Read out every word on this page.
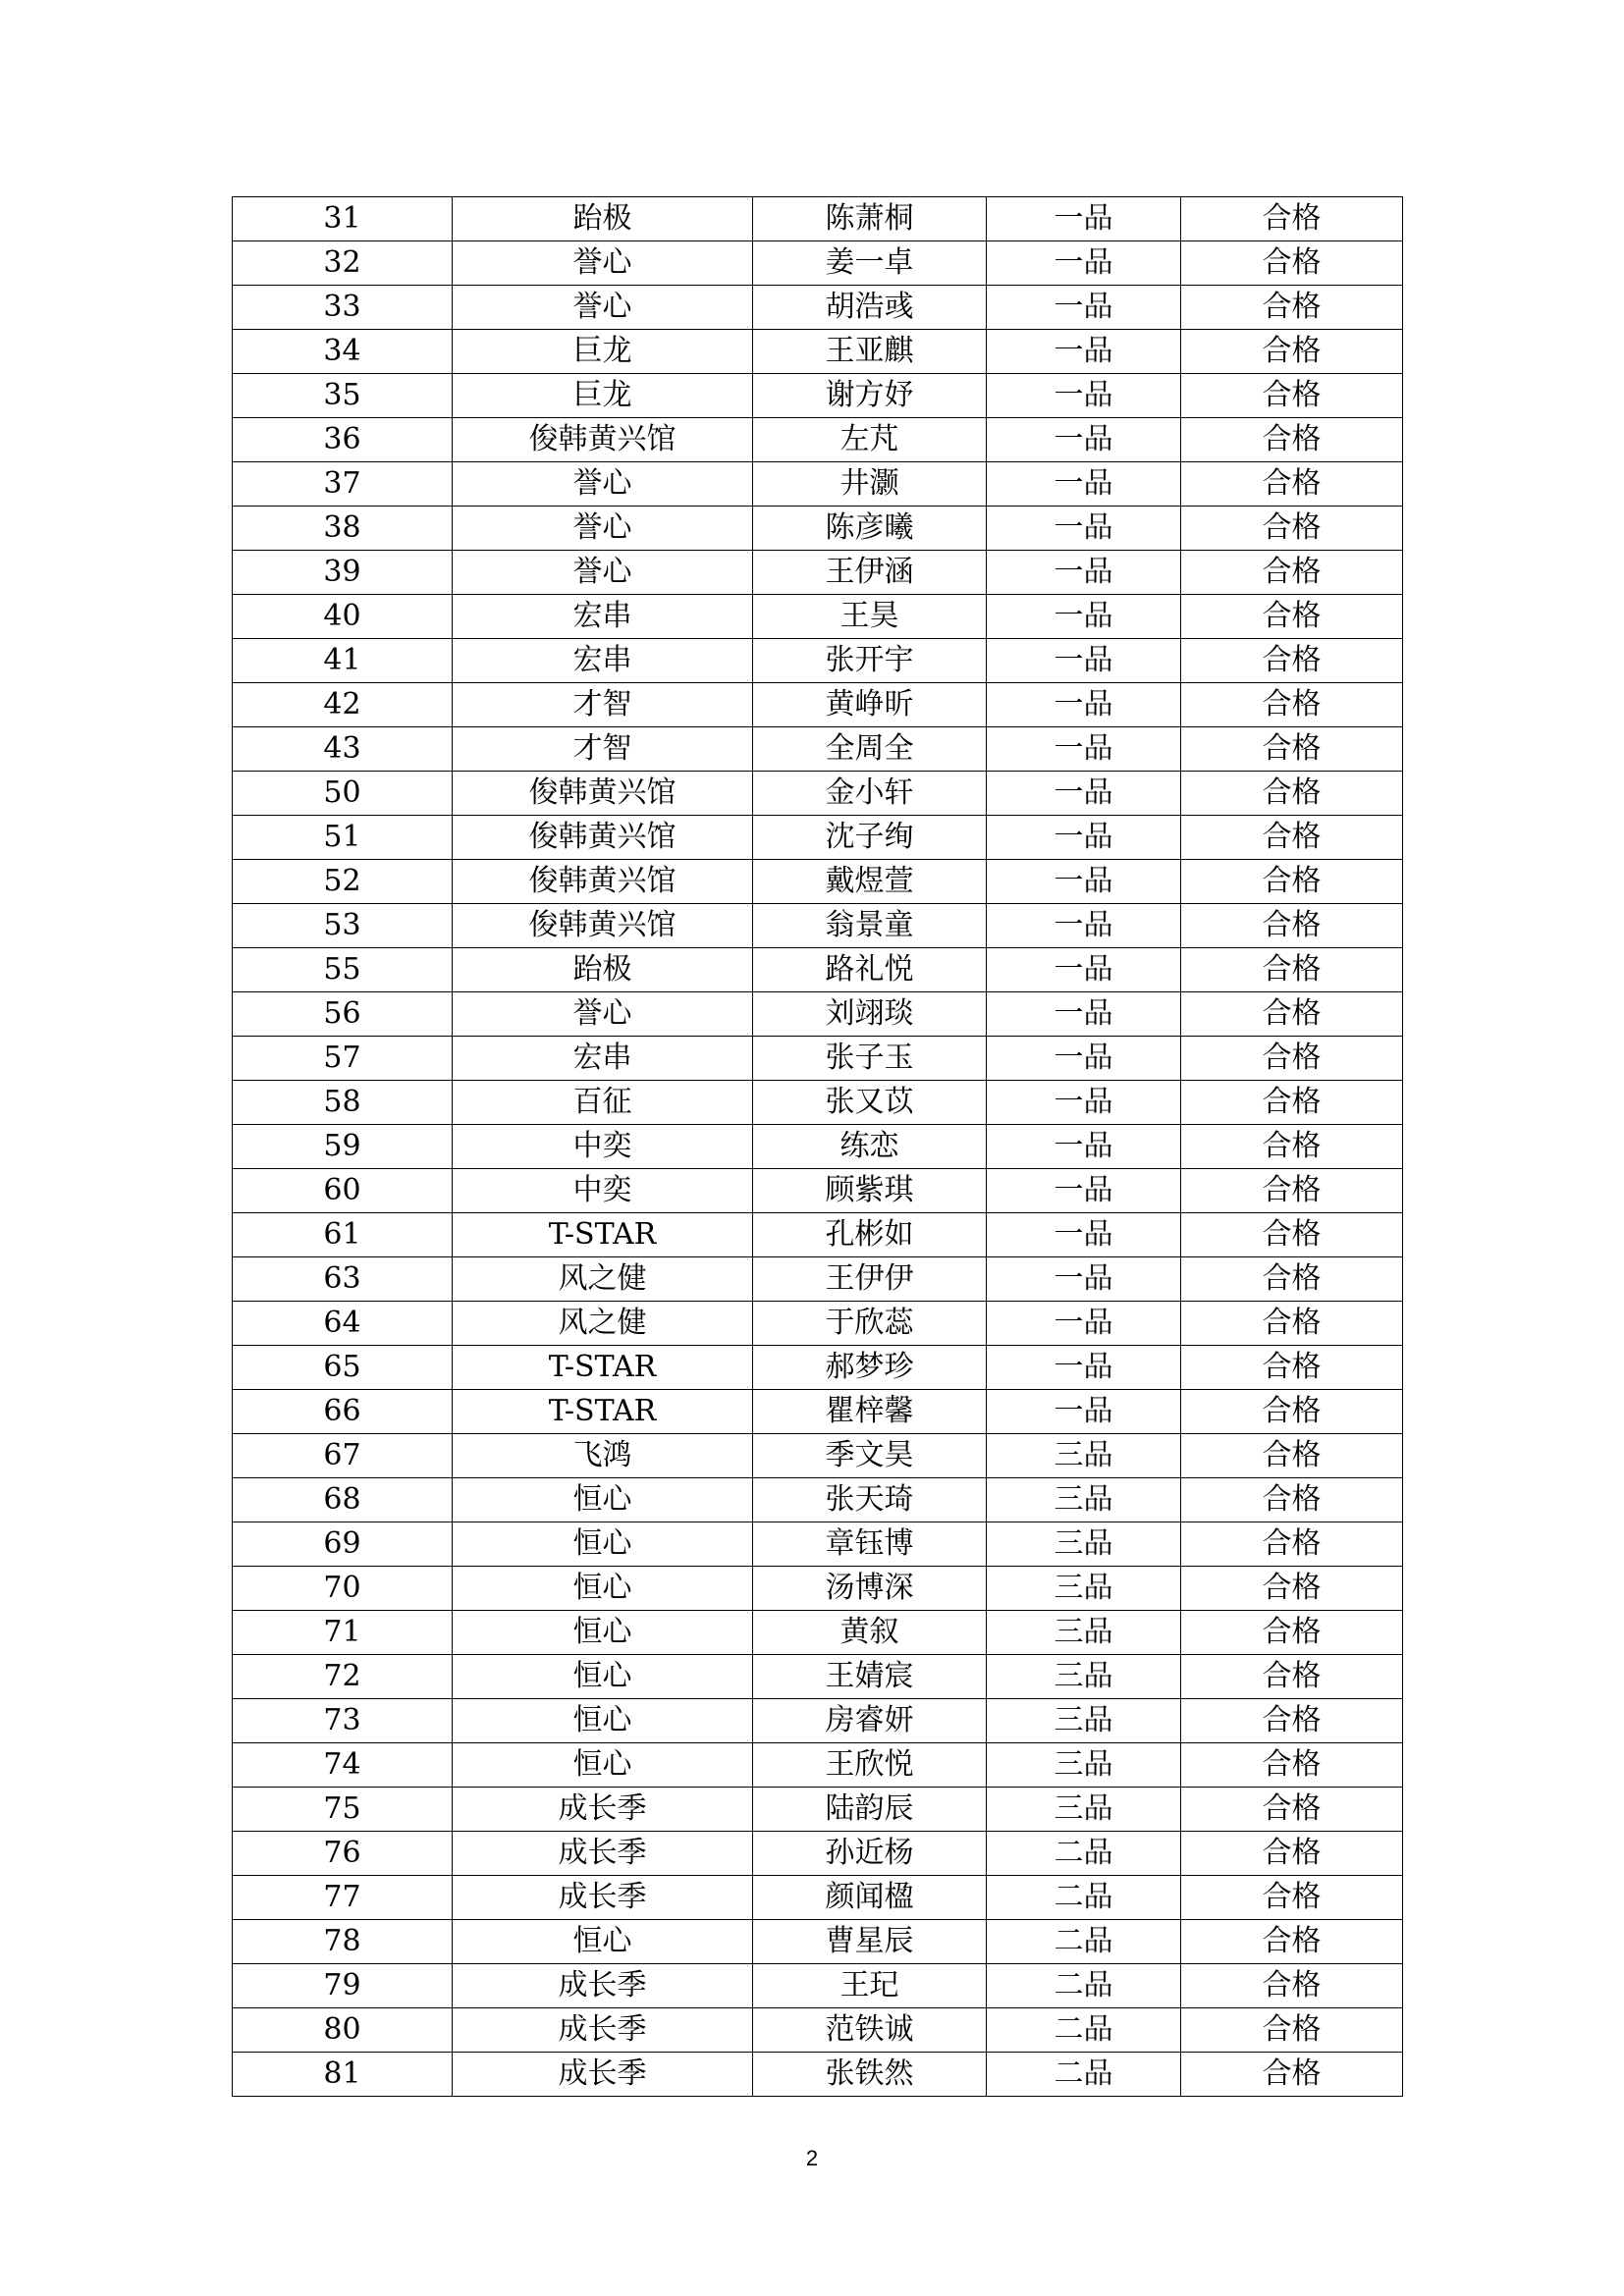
31	跆极	陈萧桐	一品	合格
32	誉心	姜一卓	一品	合格
33	誉心	胡浩彧	一品	合格
34	巨龙	王亚麒	一品	合格
35	巨龙	谢方妤	一品	合格
36	俊韩黄兴馆	左芃	一品	合格
37	誉心	井灏	一品	合格
38	誉心	陈彦曦	一品	合格
39	誉心	王伊涵	一品	合格
40	宏串	王昊	一品	合格
41	宏串	张开宇	一品	合格
42	才智	黄峥昕	一品	合格
43	才智	全周全	一品	合格
50	俊韩黄兴馆	金小轩	一品	合格
51	俊韩黄兴馆	沈子绚	一品	合格
52	俊韩黄兴馆	戴煜萱	一品	合格
53	俊韩黄兴馆	翁景童	一品	合格
55	跆极	路礼悦	一品	合格
56	誉心	刘翊琰	一品	合格
57	宏串	张子玉	一品	合格
58	百征	张又苡	一品	合格
59	中奕	练恋	一品	合格
60	中奕	顾紫琪	一品	合格
61	T-STAR	孔彬如	一品	合格
63	风之健	王伊伊	一品	合格
64	风之健	于欣蕊	一品	合格
65	T-STAR	郝梦珍	一品	合格
66	T-STAR	瞿梓馨	一品	合格
67	飞鸿	季文昊	三品	合格
68	恒心	张天琦	三品	合格
69	恒心	章钰博	三品	合格
70	恒心	汤博深	三品	合格
71	恒心	黄叙	三品	合格
72	恒心	王婧宸	三品	合格
73	恒心	房睿妍	三品	合格
74	恒心	王欣悦	三品	合格
75	成长季	陆韵辰	三品	合格
76	成长季	孙近杨	二品	合格
77	成长季	颜闻楹	二品	合格
78	恒心	曹星辰	二品	合格
79	成长季	王玘	二品	合格
80	成长季	范铁诚	二品	合格
81	成长季	张铁然	二品	合格
2
